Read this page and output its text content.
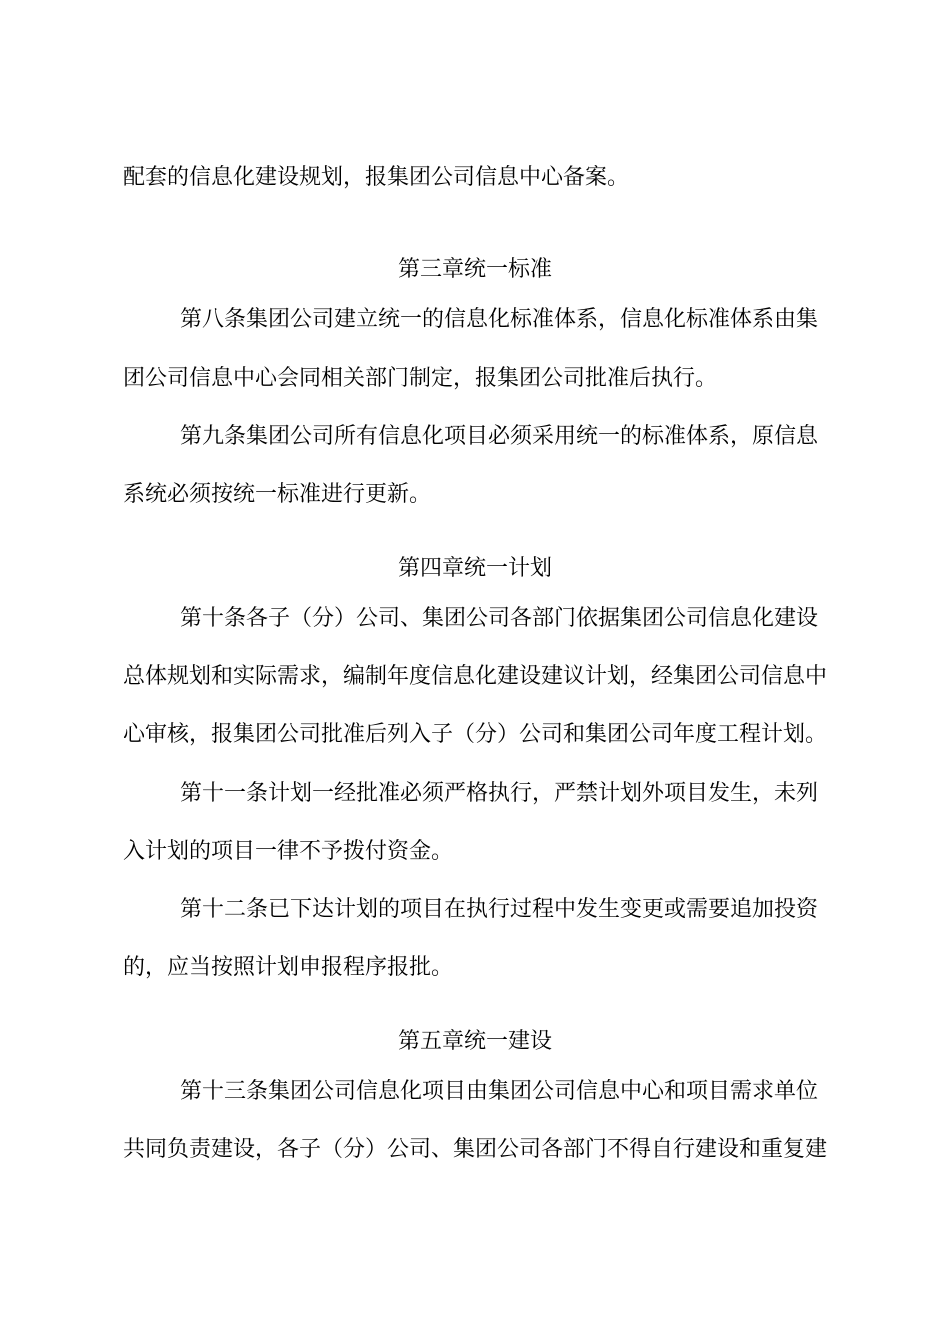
配套的信息化建设规划，报集团公司信息中心备案。
第三章统一标准
第八条集团公司建立统一的信息化标准体系，信息化标准体系由集
团公司信息中心会同相关部门制定，报集团公司批准后执行。
第九条集团公司所有信息化项目必须采用统一的标准体系，原信息
系统必须按统一标准进行更新。
第四章统一计划
第十条各子（分）公司、集团公司各部门依据集团公司信息化建设
总体规划和实际需求，编制年度信息化建设建议计划，经集团公司信息中
心审核，报集团公司批准后列入子（分）公司和集团公司年度工程计划。
第十一条计划一经批准必须严格执行，严禁计划外项目发生，未列
入计划的项目一律不予拨付资金。
第十二条已下达计划的项目在执行过程中发生变更或需要追加投资
的，应当按照计划申报程序报批。
第五章统一建设
第十三条集团公司信息化项目由集团公司信息中心和项目需求单位
共同负责建设，各子（分）公司、集团公司各部门不得自行建设和重复建
